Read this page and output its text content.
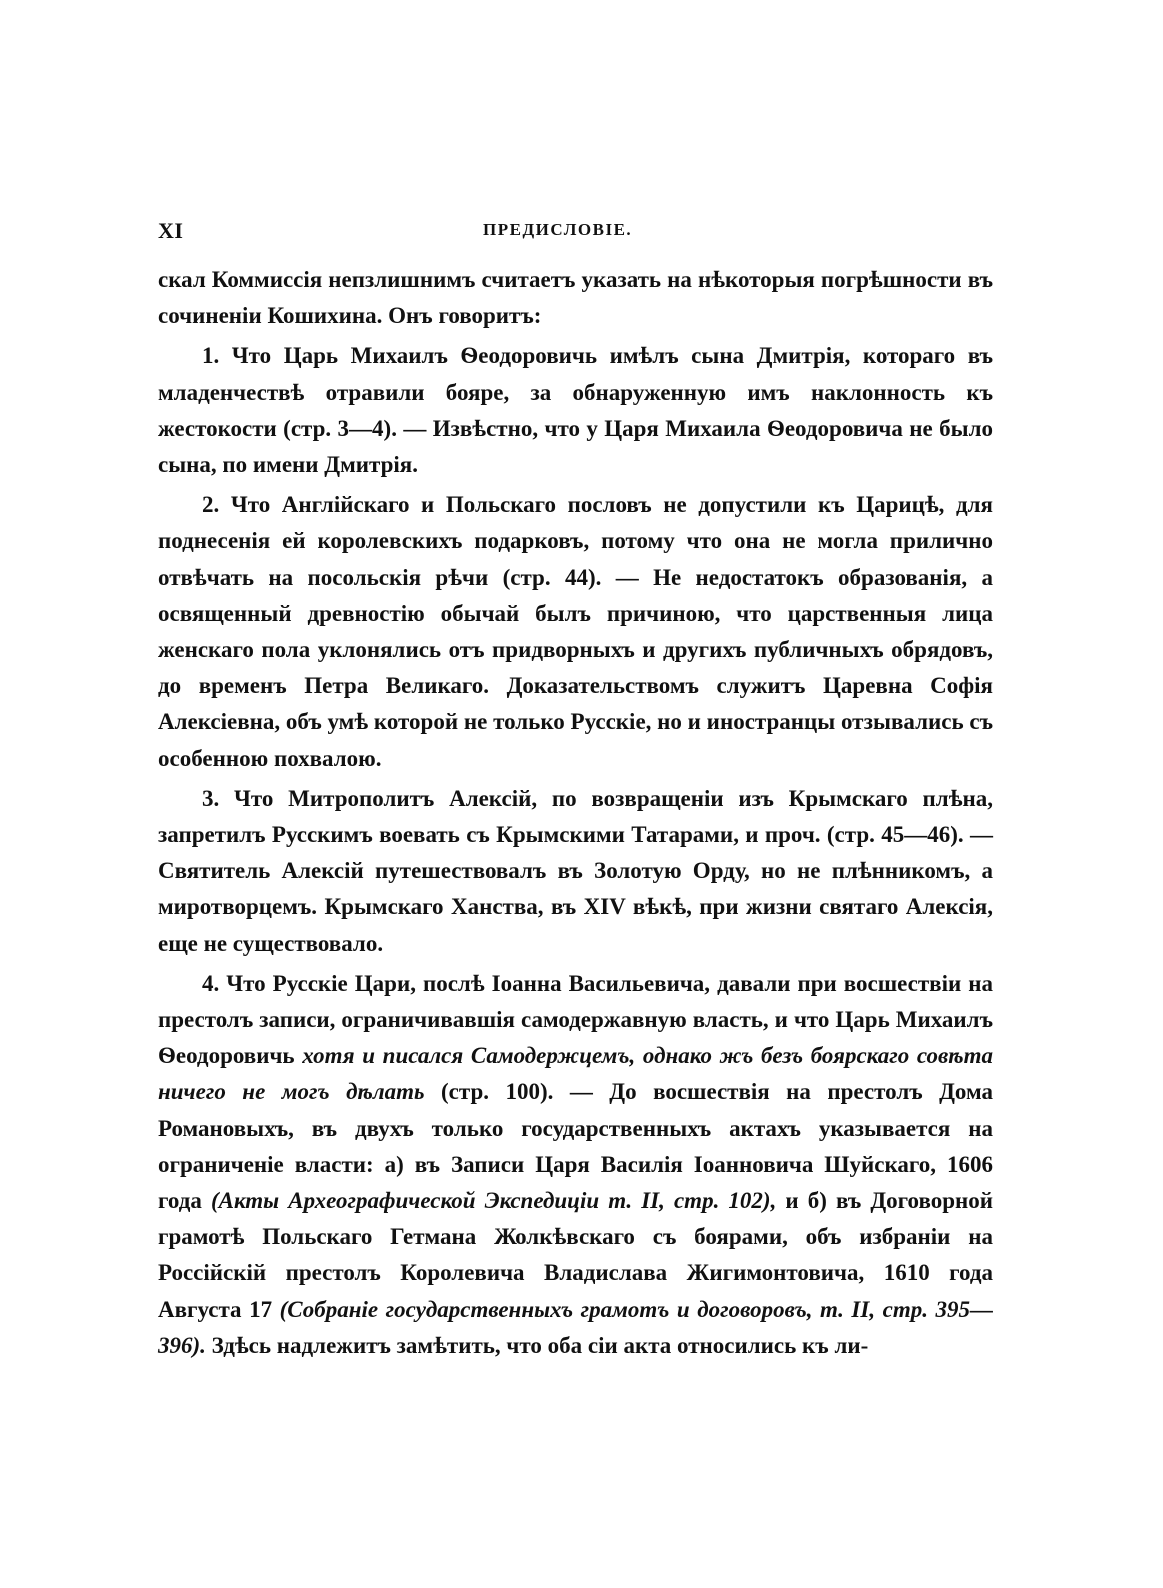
XI	ПРЕДИСЛОВІЕ.

скал Коммиссія непзлишнимъ считаетъ указать на нѣкоторыя погрѣшности въ сочиненіи Кошихина. Онъ говоритъ:

1. Что Царь Михаилъ Ѳеодоровичь имѣлъ сына Дмитрія, котораго въ младенчествѣ отравили бояре, за обнаруженную имъ наклонность къ жестокости (стр. 3—4). — Извѣстно, что у Царя Михаила Ѳеодоровича не было сына, по имени Дмитрія.

2. Что Англійскаго и Польскаго пословъ не допустили къ Царицѣ, для поднесенія ей королевскихъ подарковъ, потому что она не могла прилично отвѣчать на посольскія рѣчи (стр. 44). — Не недостатокъ образованія, а освященный древностію обычай былъ причиною, что царственныя лица женскаго пола уклонялись отъ придворныхъ и другихъ публичныхъ обрядовъ, до временъ Петра Великаго. Доказательствомъ служитъ Царевна Софія Алексіевна, объ умѣ которой не только Русскіе, но и иностранцы отзывались съ особенною похвалою.

3. Что Митрополитъ Алексій, по возвращеніи изъ Крымскаго плѣна, запретилъ Русскимъ воевать съ Крымскими Татарами, и проч. (стр. 45—46). — Святитель Алексій путешествовалъ въ Золотую Орду, но не плѣнникомъ, а миротворцемъ. Крымскаго Ханства, въ XIV вѣкѣ, при жизни святаго Алексія, еще не существовало.

4. Что Русскіе Цари, послѣ Іоанна Васильевича, давали при восшествіи на престолъ записи, ограничивавшія самодержавную власть, и что Царь Михаилъ Ѳеодоровичь хотя и писался Самодержцемъ, однако жъ безъ боярскаго совѣта ничего не могъ дѣлать (стр. 100). — До восшествія на престолъ Дома Романовыхъ, въ двухъ только государственныхъ актахъ указывается на ограниченіе власти: а) въ Записи Царя Василія Іоанновича Шуйскаго, 1606 года (Акты Археографической Экспедиціи т. II, стр. 102), и б) въ Договорной грамотѣ Польскаго Гетмана Жолкѣвскаго съ боярами, объ избраніи на Россійскій престолъ Королевича Владислава Жигимонтовича, 1610 года Августа 17 (Собраніе государственныхъ грамотъ и договоровъ, т. II, стр. 395—396). Здѣсь надлежитъ замѣтить, что оба сіи акта относились къ ли-
